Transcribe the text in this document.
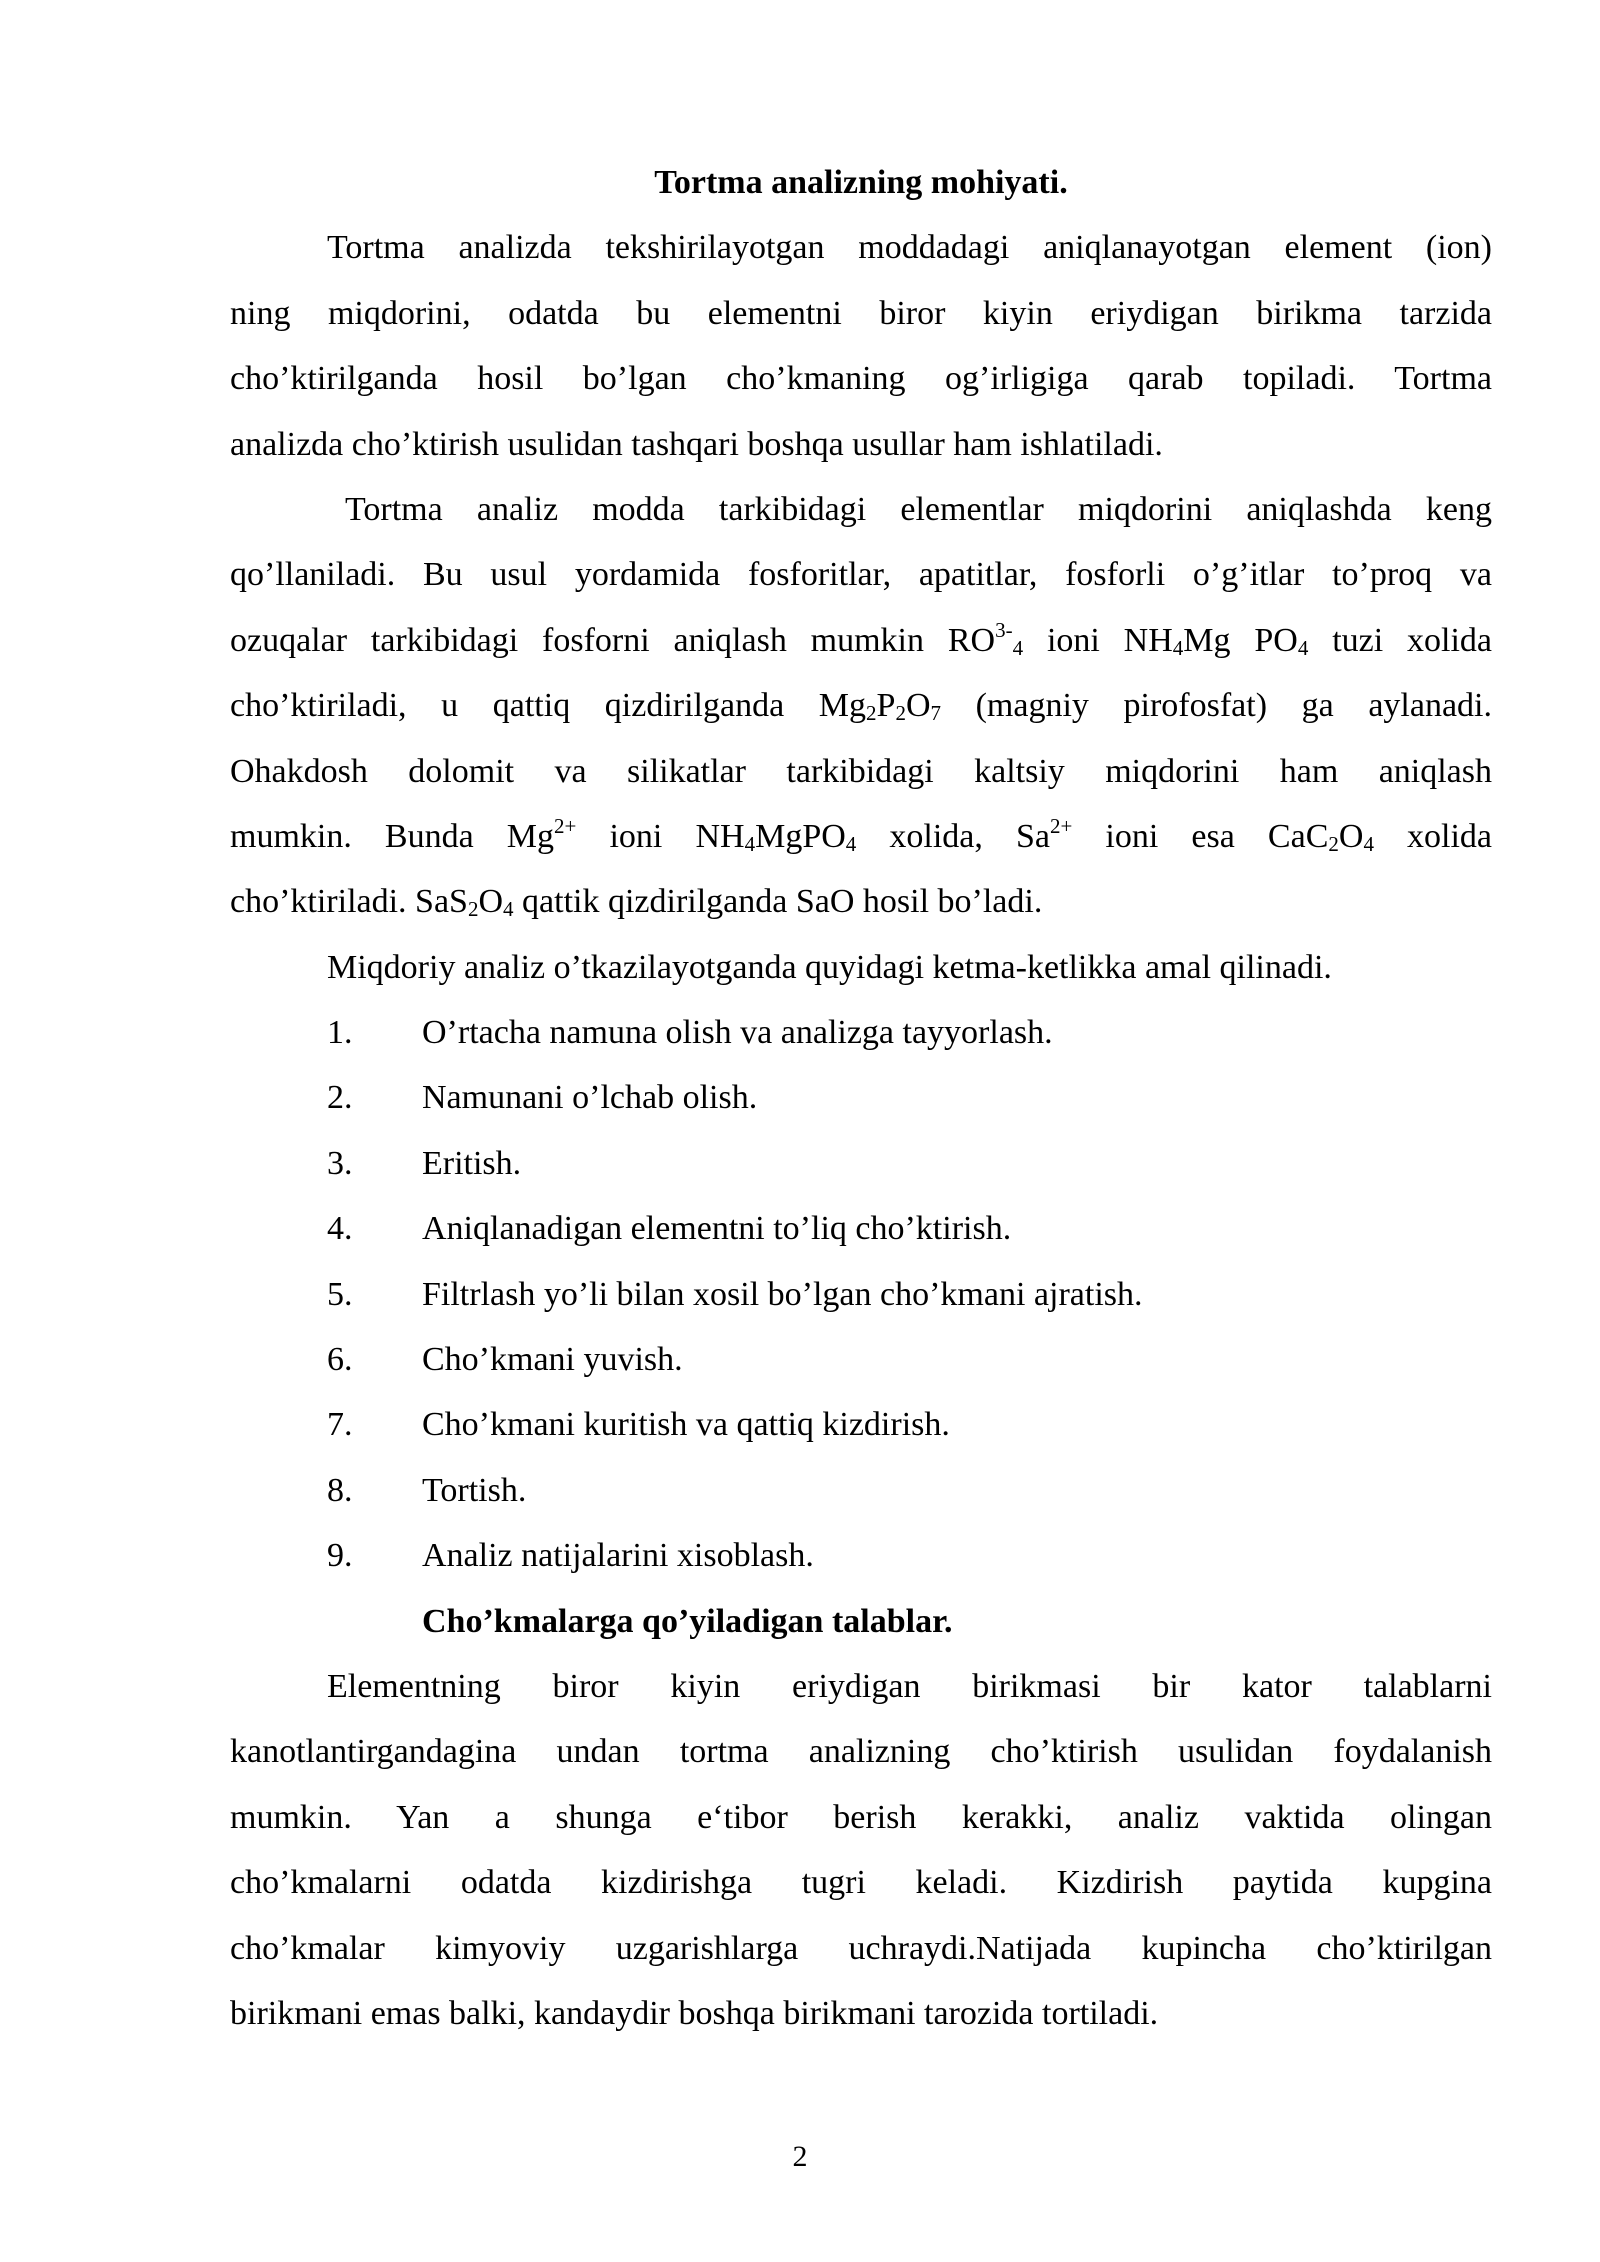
Tortma analizning mohiyati.
Tortma analizda tekshirilayotgan moddadagi aniqlanayotgan element (ion)
ning miqdorini, odatda bu elementni biror kiyin eriydigan birikma tarzida
cho’ktirilganda hosil bo’lgan cho’kmaning og’irligiga qarab topiladi. Tortma
analizda cho’ktirish usulidan tashqari boshqa usullar ham ishlatiladi.
Tortma analiz modda tarkibidagi elementlar miqdorini aniqlashda keng
qo’llaniladi. Bu usul yordamida fosforitlar, apatitlar, fosforli o’g’itlar to’proq va
ozuqalar tarkibidagi fosforni aniqlash mumkin $RO^{3-}_4$ ioni $NH_4Mg$ $PO_4$ tuzi xolida
cho’ktiriladi, u qattiq qizdirilganda $Mg_2P_2O_7$ (magniy pirofosfat) ga aylanadi.
Ohakdosh dolomit va silikatlar tarkibidagi kaltsiy miqdorini ham aniqlash
mumkin. Bunda $Mg^{2+}$ ioni $NH_4MgPO_4$ xolida, $Sa^{2+}$ ioni esa $CaC_2O_4$ xolida
cho’ktiriladi. $SaS_2O_4$ qattik qizdirilganda SaO hosil bo’ladi.
Miqdoriy analiz o’tkazilayotganda quyidagi ketma-ketlikka amal qilinadi.
1. O’rtacha namuna olish va analizga tayyorlash.
2. Namunani o’lchab olish.
3. Eritish.
4. Aniqlanadigan elementni to’liq cho’ktirish.
5. Filtrlash yo’li bilan xosil bo’lgan cho’kmani ajratish.
6. Cho’kmani yuvish.
7. Cho’kmani kuritish va qattiq kizdirish.
8. Tortish.
9. Analiz natijalarini xisoblash.
Cho’kmalarga qo’yiladigan talablar.
Elementning biror kiyin eriydigan birikmasi bir kator talablarni
kanotlantirgandagina undan tortma analizning cho’ktirish usulidan foydalanish
mumkin. Yan a shunga e‘tibor berish kerakki, analiz vaktida olingan
cho’kmalarni odatda kizdirishga tugri keladi. Kizdirish paytida kupgina
cho’kmalar kimyoviy uzgarishlarga uchraydi.Natijada kupincha cho’ktirilgan
birikmani emas balki, kandaydir boshqa birikmani tarozida tortiladi.
2
